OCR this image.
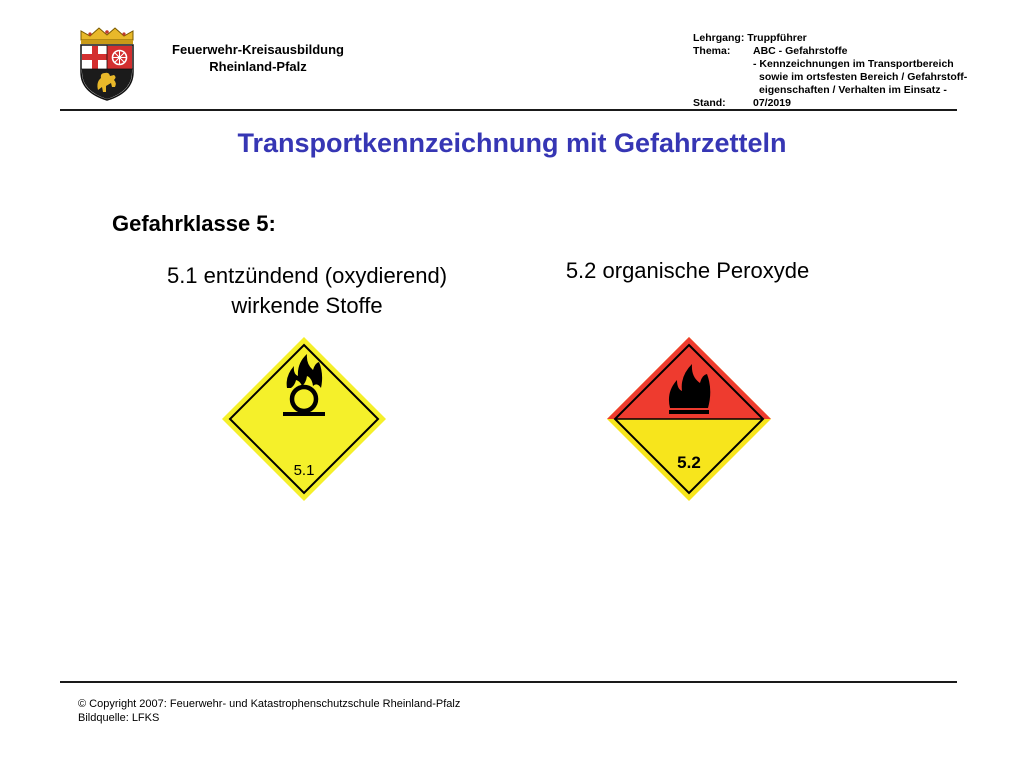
Feuerwehr-Kreisausbildung
Rheinland-Pfalz
Lehrgang:
Truppführer
Thema:	ABC - Gefahrstoffe
- Kennzeichnungen im Transportbereich
sowie im ortsfesten Bereich / Gefahrstoff-
eigenschaften / Verhalten im Einsatz -
Stand:	07/2019
Transportkennzeichnung mit Gefahrzetteln
Gefahrklasse 5:
5.1 entzündend (oxydierend)
wirkende Stoffe
5.2 organische Peroxyde
5.1	5.2
© Copyright 2007: Feuerwehr- und Katastrophenschutzschule Rheinland-Pfalz
Bildquelle: LFKS
